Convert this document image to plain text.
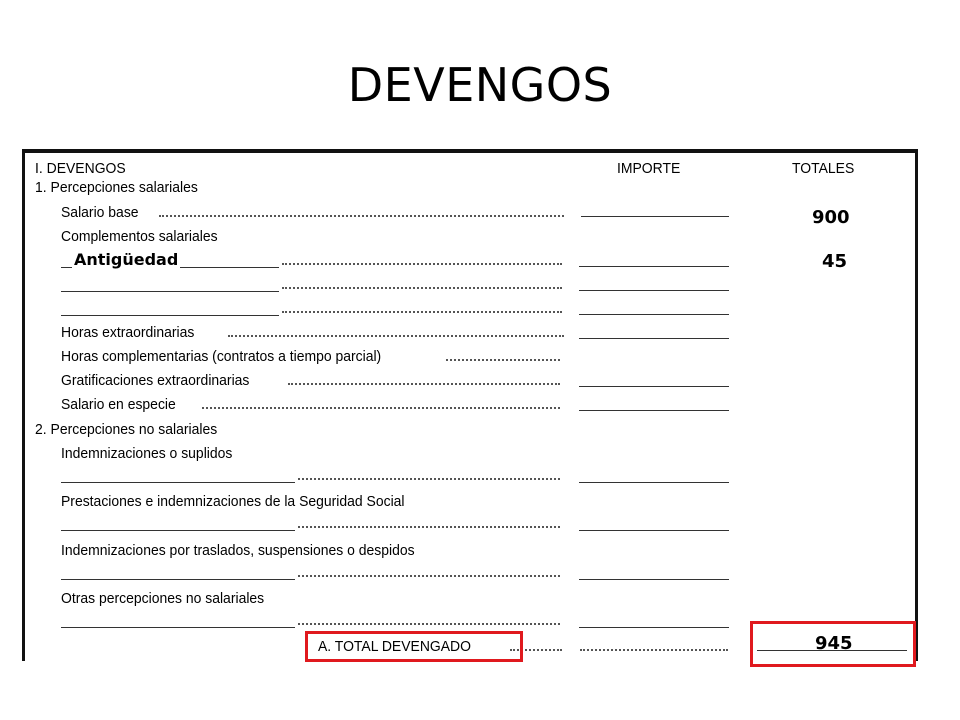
DEVENGOS
I. DEVENGOS	IMPORTE	TOTALES
1. Percepciones salariales
Salario base
Complementos salariales
Horas extraordinarias
Horas complementarias (contratos a tiempo parcial)
Gratificaciones extraordinarias
Salario en especie
2. Percepciones no salariales
Indemnizaciones o suplidos
Prestaciones e indemnizaciones de la Seguridad Social
Indemnizaciones por traslados, suspensiones o despidos
Otras percepciones no salariales
A. TOTAL DEVENGADO
Antigüedad
900
45
945
